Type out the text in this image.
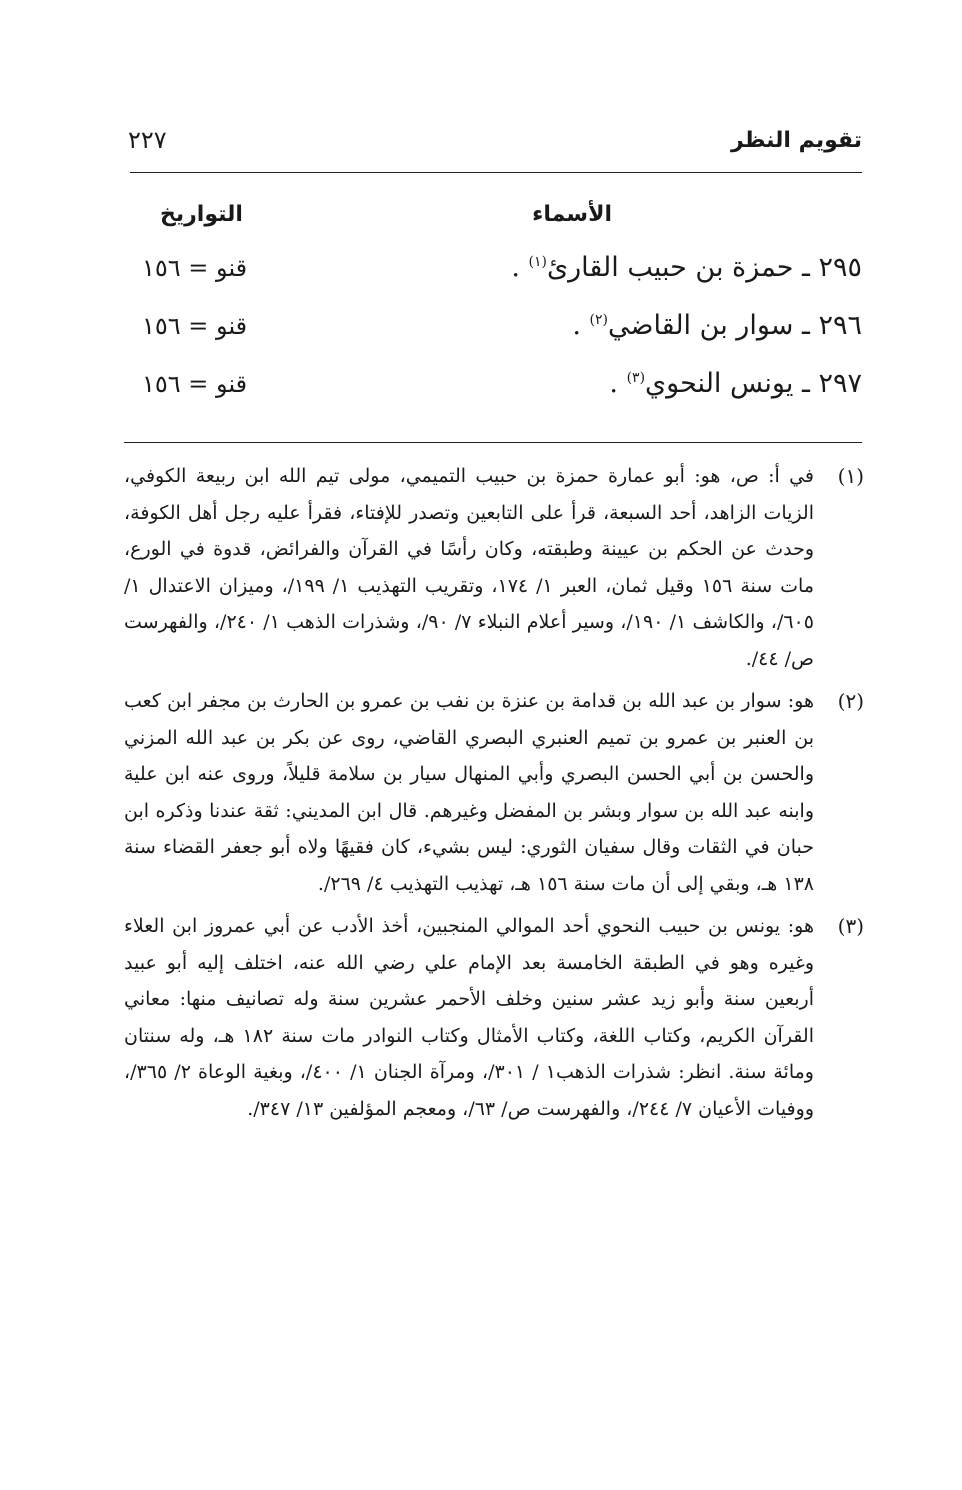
تقويم النظر
٢٢٧
الأسماء
التواريخ
٢٩٥ ـ حمزة بن حبيب القارئ$^{(١)}$ .
قنو = ١٥٦
٢٩٦ ـ سوار بن القاضي$^{(٢)}$ .
قنو = ١٥٦
٢٩٧ ـ يونس النحوي$^{(٣)}$ .
قنو = ١٥٦
(١)
في أ: ص، هو: أبو عمارة حمزة بن حبيب التميمي، مولى تيم الله ابن ربيعة الكوفي، الزيات الزاهد، أحد السبعة، قرأ على التابعين وتصدر للإفتاء، فقرأ عليه رجل أهل الكوفة، وحدث عن الحكم بن عيينة وطبقته، وكان رأسًا في القرآن والفرائض، قدوة في الورع، مات سنة ١٥٦ وقيل ثمان، العبر ١/ ١٧٤، وتقريب التهذيب ١/ ١٩٩/، وميزان الاعتدال ١/ ٦٠٥/، والكاشف ١/ ١٩٠/، وسير أعلام النبلاء ٧/ ٩٠/، وشذرات الذهب ١/ ٢٤٠/، والفهرست ص/ ٤٤/.
(٢)
هو: سوار بن عبد الله بن قدامة بن عنزة بن نفب بن عمرو بن الحارث بن مجفر ابن كعب بن العنبر بن عمرو بن تميم العنبري البصري القاضي، روى عن بكر بن عبد الله المزني والحسن بن أبي الحسن البصري وأبي المنهال سيار بن سلامة قليلاً، وروى عنه ابن علية وابنه عبد الله بن سوار وبشر بن المفضل وغيرهم. قال ابن المديني: ثقة عندنا وذكره ابن حبان في الثقات وقال سفيان الثوري: ليس بشيء، كان فقيهًا ولاه أبو جعفر القضاء سنة ١٣٨ هـ، وبقي إلى أن مات سنة ١٥٦ هـ، تهذيب التهذيب ٤/ ٢٦٩/.
(٣)
هو: يونس بن حبيب النحوي أحد الموالي المنجبين، أخذ الأدب عن أبي عمروز ابن العلاء وغيره وهو في الطبقة الخامسة بعد الإمام علي رضي الله عنه، اختلف إليه أبو عبيد أربعين سنة وأبو زيد عشر سنين وخلف الأحمر عشرين سنة وله تصانيف منها: معاني القرآن الكريم، وكتاب اللغة، وكتاب الأمثال وكتاب النوادر مات سنة ١٨٢ هـ، وله سنتان ومائة سنة. انظر: شذرات الذهب١ / ٣٠١/، ومرآة الجنان ١/ ٤٠٠/، وبغية الوعاة ٢/ ٣٦٥/، ووفيات الأعيان ٧/ ٢٤٤/، والفهرست ص/ ٦٣/، ومعجم المؤلفين ١٣/ ٣٤٧/.
